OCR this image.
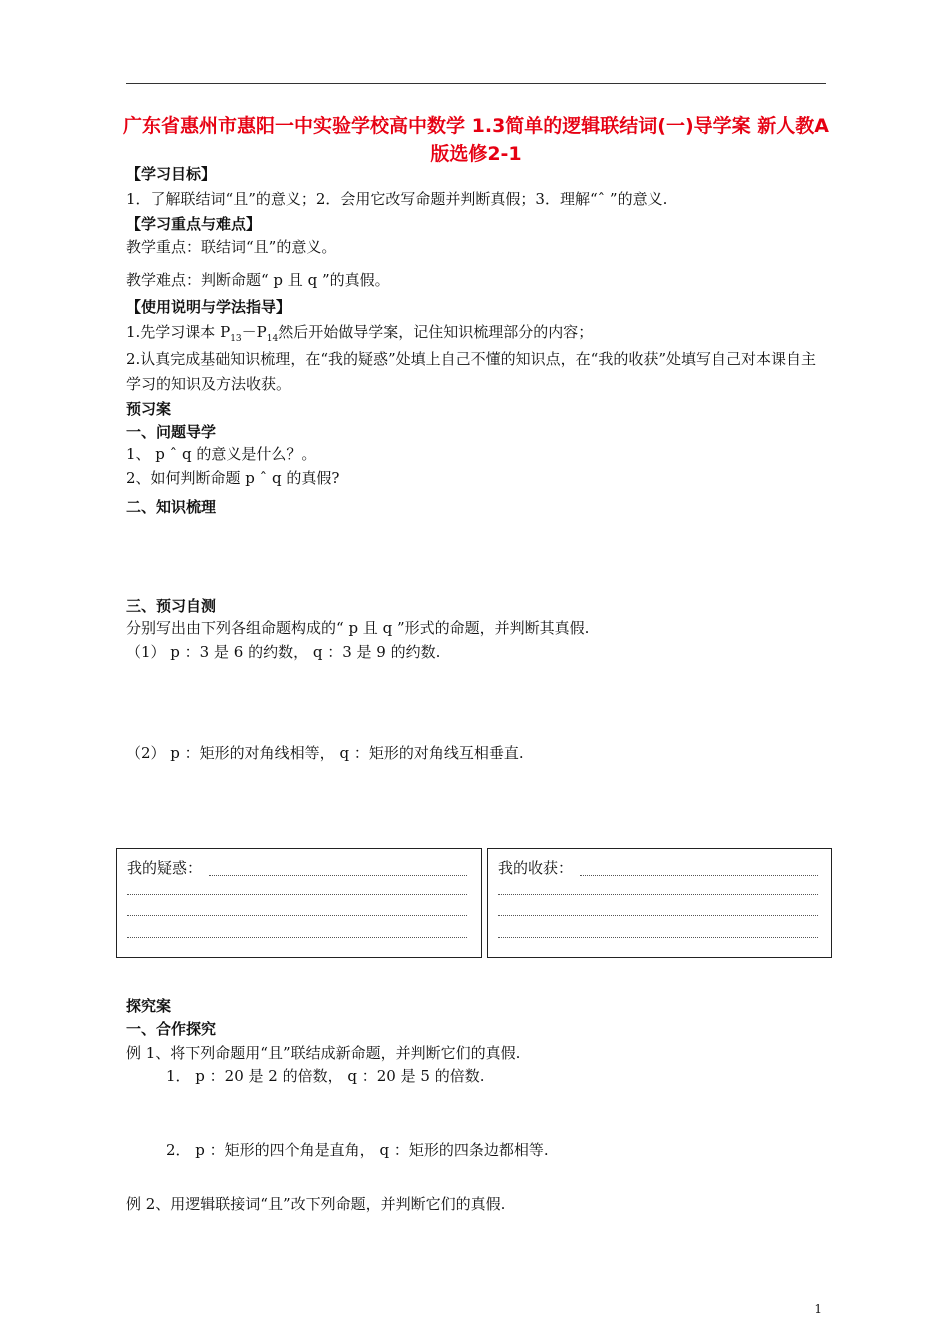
广东省惠州市惠阳一中实验学校高中数学 1.3简单的逻辑联结词(一)导学案 新人教A版选修2-1
【学习目标】
1．了解联结词“且”的意义；2．会用它改写命题并判断真假；3．理解“ˆ ”的意义.
【学习重点与难点】
教学重点：联结词“且”的意义。
教学难点：判断命题“ p 且 q ”的真假。
【使用说明与学法指导】
1.先学习课本 $P_{13}-P_{14}$然后开始做导学案，记住知识梳理部分的内容；
2.认真完成基础知识梳理，在“我的疑惑”处填上自己不懂的知识点，在“我的收获”处填写自己对本课自主学习的知识及方法收获。
预习案
一、问题导学
1、 p ˆ q 的意义是什么？。
2、如何判断命题 p ˆ q 的真假?
二、知识梳理
三、预习自测
分别写出由下列各组命题构成的“ p 且 q ”形式的命题，并判断其真假.
（1） p ：3 是 6 的约数， q ：3 是 9 的约数.
（2） p ：矩形的对角线相等， q ：矩形的对角线互相垂直.
我的疑惑：	我的收获：
探究案
一、合作探究
例 1、将下列命题用“且”联结成新命题，并判断它们的真假.
1． p ：20 是 2 的倍数， q ：20 是 5 的倍数.
2． p ：矩形的四个角是直角， q ：矩形的四条边都相等.
例 2、用逻辑联接词“且”改下列命题，并判断它们的真假.
1
